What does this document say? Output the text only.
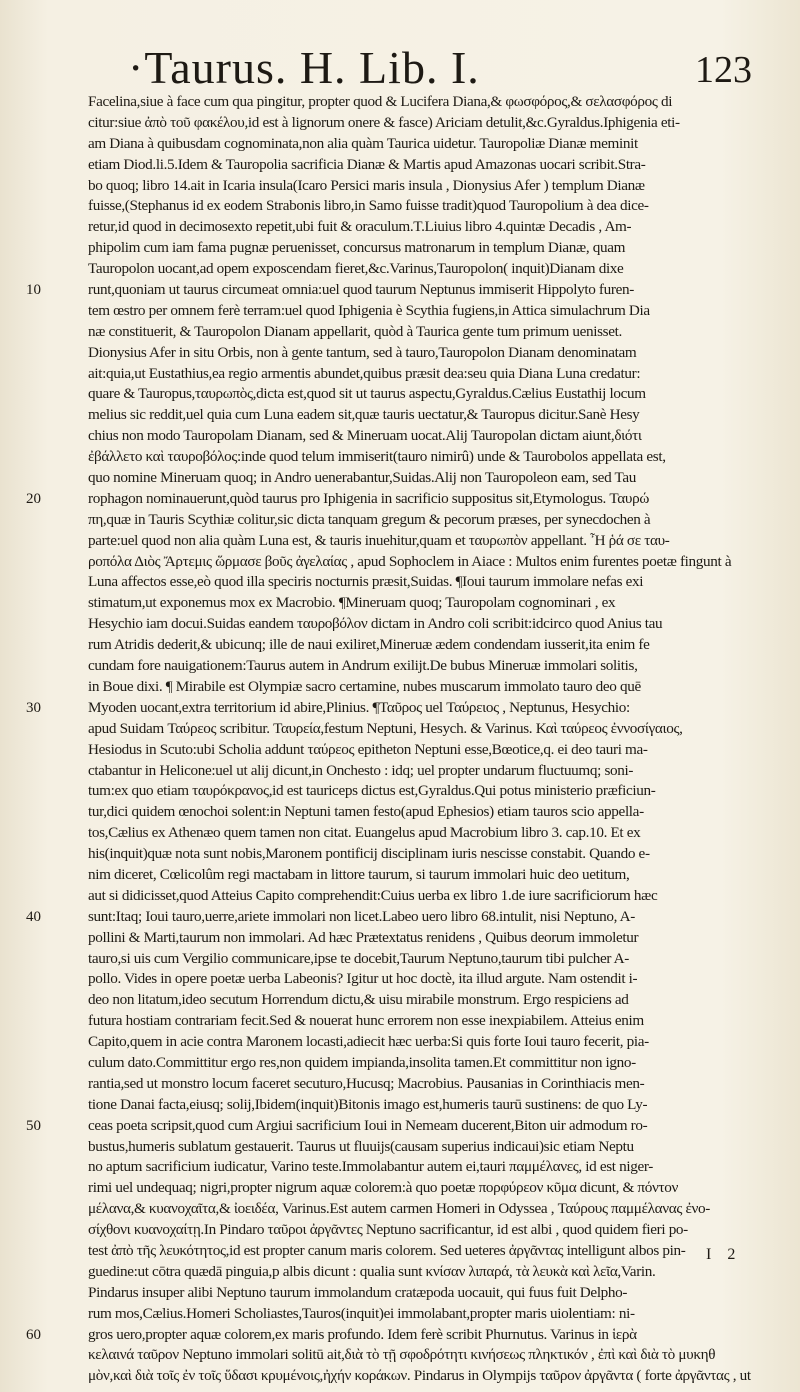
·Taurus. H. Lib. I.	123
10
20
30
40
50
60
Facelina,siue à face cum qua pingitur, propter quod & Lucifera Diana,& φωσφόρος,& σελασφόρος di
citur:siue ἀπὸ τοῦ φακέλου,id est à lignorum onere & fasce) Ariciam detulit,&c.Gyraldus.Iphigenia eti-
am Diana à quibusdam cognominata,non alia quàm Taurica uidetur. Tauropoliæ Dianæ meminit
etiam Diod.li.5.Idem & Tauropolia sacrificia Dianæ & Martis apud Amazonas uocari scribit.Stra-
bo quoq; libro 14.ait in Icaria insula(Icaro Persici maris insula , Dionysius Afer ) templum Dianæ
fuisse,(Stephanus id ex eodem Strabonis libro,in Samo fuisse tradit)quod Tauropolium à dea dice-
retur,id quod in decimosexto repetit,ubi fuit & oraculum.T.Liuius libro 4.quintæ Decadis , Am-
phipolim cum iam fama pugnæ peruenisset, concursus matronarum in templum Dianæ, quam
Tauropolon uocant,ad opem exposcendam fieret,&c.Varinus,Tauropolon( inquit)Dianam dixe
runt,quoniam ut taurus circumeat omnia:uel quod taurum Neptunus immiserit Hippolyto furen-
tem œstro per omnem ferè terram:uel quod Iphigenia è Scythia fugiens,in Attica simulachrum Dia
næ constituerit, & Tauropolon Dianam appellarit, quòd à Taurica gente tum primum uenisset.
Dionysius Afer in situ Orbis, non à gente tantum, sed à tauro,Tauropolon Dianam denominatam
ait:quia,ut Eustathius,ea regio armentis abundet,quibus præsit dea:seu quia Diana Luna credatur:
quare & Tauropus,ταυρωπὸς,dicta est,quod sit ut taurus aspectu,Gyraldus.Cælius Eustathij locum
melius sic reddit,uel quia cum Luna eadem sit,quæ tauris uectatur,& Tauropus dicitur.Sanè Hesy
chius non modo Tauropolam Dianam, sed & Mineruam uocat.Alij Tauropolan dictam aiunt,διότι
ἐβάλλετο καὶ ταυροβόλος:inde quod telum immiserit(tauro nimirû) unde & Taurobolos appellata est,
quo nomine Mineruam quoq; in Andro uenerabantur,Suidas.Alij non Tauropoleon eam, sed Tau
rophagon nominauerunt,quòd taurus pro Iphigenia in sacrificio suppositus sit,Etymologus. Ταυρώ
πη,quæ in Tauris Scythiæ colitur,sic dicta tanquam gregum & pecorum præses, per synecdochen à
parte:uel quod non alia quàm Luna est, & tauris inuehitur,quam et ταυρωπὸν appellant. Ἦ ῥά σε ταυ-
ροπόλα Διὸς Ἄρτεμις ὥρμασε βοῦς ἀγελαίας , apud Sophoclem in Aiace : Multos enim furentes poetæ fingunt à
Luna affectos esse,eò quod illa speciris nocturnis præsit,Suidas. ¶Ioui taurum immolare nefas exi
stimatum,ut exponemus mox ex Macrobio. ¶Mineruam quoq; Tauropolam cognominari , ex
Hesychio iam docui.Suidas eandem ταυροβόλον dictam in Andro coli scribit:idcirco quod Anius tau
rum Atridis dederit,& ubicunq; ille de naui exiliret,Mineruæ ædem condendam iusserit,ita enim fe
cundam fore nauigationem:Taurus autem in Andrum exilijt.De bubus Mineruæ immolari solitis,
in Boue dixi. ¶ Mirabile est Olympiæ sacro certamine, nubes muscarum immolato tauro deo quē
Myoden uocant,extra territorium id abire,Plinius. ¶Ταῦρος uel Ταύρειος , Neptunus, Hesychio:
apud Suidam Ταύρεος scribitur. Ταυρεία,festum Neptuni, Hesych. & Varinus. Καὶ ταύρεος ἐννοσίγαιος,
Hesiodus in Scuto:ubi Scholia addunt ταύρεος epitheton Neptuni esse,Bœotice,q. ei deo tauri ma-
ctabantur in Helicone:uel ut alij dicunt,in Onchesto : idq; uel propter undarum fluctuumq; soni-
tum:ex quo etiam ταυρόκρανος,id est tauriceps dictus est,Gyraldus.Qui potus ministerio præficiun-
tur,dici quidem œnochoi solent:in Neptuni tamen festo(apud Ephesios) etiam tauros scio appella-
tos,Cælius ex Athenæo quem tamen non citat. Euangelus apud Macrobium libro 3. cap.10. Et ex
his(inquit)quæ nota sunt nobis,Maronem pontificij disciplinam iuris nescisse constabit. Quando e-
nim diceret, Cœlicolûm regi mactabam in littore taurum, si taurum immolari huic deo uetitum,
aut si didicisset,quod Atteius Capito comprehendit:Cuius uerba ex libro 1.de iure sacrificiorum hæc
sunt:Itaq; Ioui tauro,uerre,ariete immolari non licet.Labeo uero libro 68.intulit, nisi Neptuno, A-
pollini & Marti,taurum non immolari. Ad hæc Prætextatus renidens , Quibus deorum immoletur
tauro,si uis cum Vergilio communicare,ipse te docebit,Taurum Neptuno,taurum tibi pulcher A-
pollo. Vides in opere poetæ uerba Labeonis? Igitur ut hoc doctè, ita illud argute. Nam ostendit i-
deo non litatum,ideo secutum Horrendum dictu,& uisu mirabile monstrum. Ergo respiciens ad
futura hostiam contrariam fecit.Sed & nouerat hunc errorem non esse inexpiabilem. Atteius enim
Capito,quem in acie contra Maronem locasti,adiecit hæc uerba:Si quis forte Ioui tauro fecerit, pia-
culum dato.Committitur ergo res,non quidem impianda,insolita tamen.Et committitur non igno-
rantia,sed ut monstro locum faceret secuturo,Hucusq; Macrobius. Pausanias in Corinthiacis men-
tione Danai facta,eiusq; solij,Ibidem(inquit)Bitonis imago est,humeris taurū sustinens: de quo Ly-
ceas poeta scripsit,quod cum Argiui sacrificium Ioui in Nemeam ducerent,Biton uir admodum ro-
bustus,humeris sublatum gestauerit. Taurus ut fluuijs(causam superius indicaui)sic etiam Neptu
no aptum sacrificium iudicatur, Varino teste.Immolabantur autem ei,tauri παμμέλανες, id est niger-
rimi uel undequaq; nigri,propter nigrum aquæ colorem:à quo poetæ πορφύρεον κῦμα dicunt, & πόντον
μέλανα,& κυανοχαῖτα,& ἰοειδέα, Varinus.Est autem carmen Homeri in Odyssea , Ταύρους παμμέλανας ἐνο-
σίχθονι κυανοχαίτῃ.In Pindaro ταῦροι ἀργᾶντες Neptuno sacrificantur, id est albi , quod quidem fieri po-
test ἀπὸ τῆς λευκότητος,id est propter canum maris colorem. Sed ueteres ἀργᾶντας intelligunt albos pin-
guedine:ut cōtra quædā pinguia,p albis dicunt : qualia sunt κνίσαν λιπαρά, τὰ λευκὰ καὶ λεῖα,Varin.
Pindarus insuper alibi Neptuno taurum immolandum cratæpoda uocauit, qui fuus fuit Delpho-
rum mos,Cælius.Homeri Scholiastes,Tauros(inquit)ei immolabant,propter maris uiolentiam: ni-
gros uero,propter aquæ colorem,ex maris profundo. Idem ferè scribit Phurnutus. Varinus in ἱερὰ
κελαινά ταῦρον Neptuno immolari solitū ait,διὰ τὸ τῇ σφοδρότητι κινήσεως πληκτικόν , ἐπὶ καὶ διὰ τὸ μυκηθ
μὸν,καὶ διὰ τοῖς ἐν τοῖς ὕδασι κρυμένοις,ἠχήν κοράκων. Pindarus in Olympijs ταῦρον ἀργᾶντα ( forte ἀργᾶντας , ut
I 2
